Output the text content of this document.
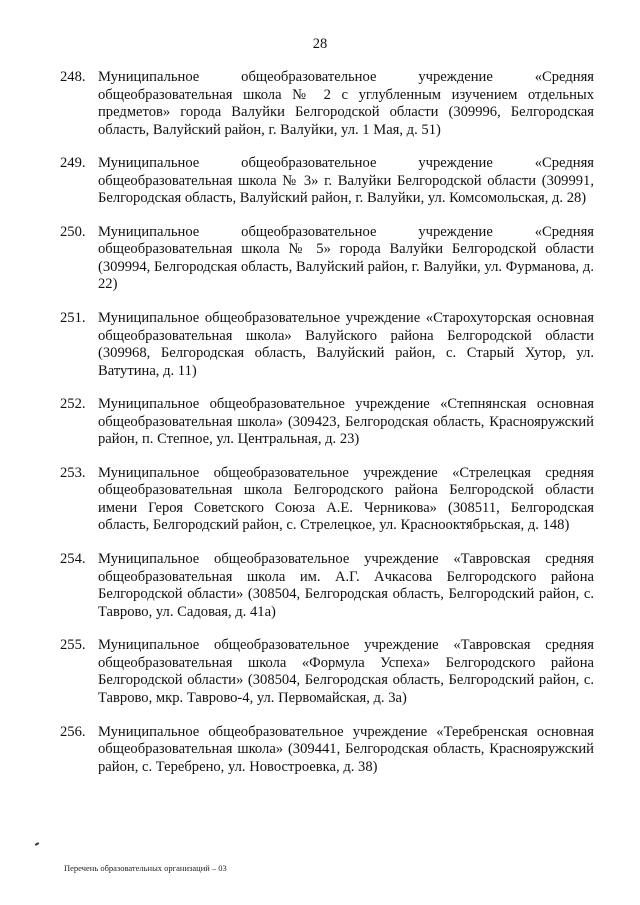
28
248. Муниципальное общеобразовательное учреждение «Средняя общеобразовательная школа № 2 с углубленным изучением отдельных предметов» города Валуйки Белгородской области (309996, Белгородская область, Валуйский район, г. Валуйки, ул. 1 Мая, д. 51)
249. Муниципальное общеобразовательное учреждение «Средняя общеобразовательная школа № 3» г. Валуйки Белгородской области (309991, Белгородская область, Валуйский район, г. Валуйки, ул. Комсомольская, д. 28)
250. Муниципальное общеобразовательное учреждение «Средняя общеобразовательная школа № 5» города Валуйки Белгородской области (309994, Белгородская область, Валуйский район, г. Валуйки, ул. Фурманова, д. 22)
251. Муниципальное общеобразовательное учреждение «Старохуторская основная общеобразовательная школа» Валуйского района Белгородской области (309968, Белгородская область, Валуйский район, с. Старый Хутор, ул. Ватутина, д. 11)
252. Муниципальное общеобразовательное учреждение «Степнянская основная общеобразовательная школа» (309423, Белгородская область, Краснояружский район, п. Степное, ул. Центральная, д. 23)
253. Муниципальное общеобразовательное учреждение «Стрелецкая средняя общеобразовательная школа Белгородского района Белгородской области имени Героя Советского Союза А.Е. Черникова» (308511, Белгородская область, Белгородский район, с. Стрелецкое, ул. Краснооктябрьская, д. 148)
254. Муниципальное общеобразовательное учреждение «Тавровская средняя общеобразовательная школа им. А.Г. Ачкасова Белгородского района Белгородской области» (308504, Белгородская область, Белгородский район, с. Таврово, ул. Садовая, д. 41а)
255. Муниципальное общеобразовательное учреждение «Тавровская средняя общеобразовательная школа «Формула Успеха» Белгородского района Белгородской области» (308504, Белгородская область, Белгородский район, с. Таврово, мкр. Таврово-4, ул. Первомайская, д. 3а)
256. Муниципальное общеобразовательное учреждение «Теребренская основная общеобразовательная школа» (309441, Белгородская область, Краснояружский район, с. Теребрено, ул. Новостроевка, д. 38)
Перечень образовательных организаций – 03
